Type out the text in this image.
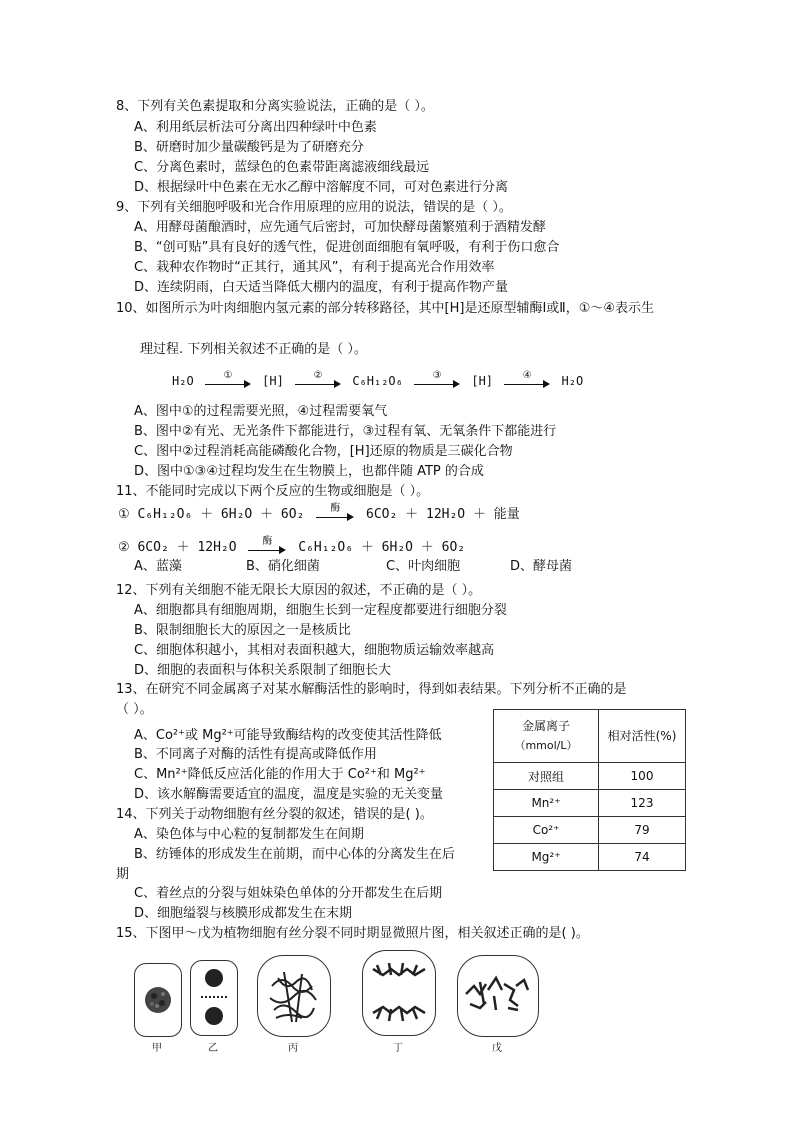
8、下列有关色素提取和分离实验说法，正确的是（ ）。
A、利用纸层析法可分离出四种绿叶中色素
B、研磨时加少量碳酸钙是为了研磨充分
C、分离色素时，蓝绿色的色素带距离滤液细线最远
D、根据绿叶中色素在无水乙醇中溶解度不同，可对色素进行分离
9、下列有关细胞呼吸和光合作用原理的应用的说法，错误的是（ ）。
A、用酵母菌酿酒时，应先通气后密封，可加快酵母菌繁殖利于酒精发酵
B、“创可贴”具有良好的透气性，促进创面细胞有氧呼吸，有利于伤口愈合
C、栽种农作物时“正其行，通其风”，有利于提高光合作用效率
D、连续阴雨，白天适当降低大棚内的温度，有利于提高作物产量
10、如图所示为叶肉细胞内氢元素的部分转移路径，其中[H]是还原型辅酶Ⅰ或Ⅱ，①～④表示生
理过程. 下列相关叙述不正确的是（ ）。
H₂O	①	[H]	②	C₆H₁₂O₆	③	[H]	④	H₂O
A、图中①的过程需要光照，④过程需要氧气
B、图中②有光、无光条件下都能进行，③过程有氧、无氧条件下都能进行
C、图中②过程消耗高能磷酸化合物，[H]还原的物质是三碳化合物
D、图中①③④过程均发生在生物膜上，也都伴随 ATP 的合成
11、不能同时完成以下两个反应的生物或细胞是（ ）。
① C₆H₁₂O₆ ＋ 6H₂O ＋ 6O₂	酶	6CO₂ ＋ 12H₂O ＋ 能量
② 6CO₂ ＋ 12H₂O	酶	C₆H₁₂O₆ ＋ 6H₂O ＋ 6O₂
A、蓝藻	B、硝化细菌	C、叶肉细胞	D、酵母菌
12、下列有关细胞不能无限长大原因的叙述，不正确的是（ ）。
A、细胞都具有细胞周期，细胞生长到一定程度都要进行细胞分裂
B、限制细胞长大的原因之一是核质比
C、细胞体积越小，其相对表面积越大，细胞物质运输效率越高
D、细胞的表面积与体积关系限制了细胞长大
13、在研究不同金属离子对某水解酶活性的影响时，得到如表结果。下列分析不正确的是
（ ）。
A、Co²⁺或 Mg²⁺可能导致酶结构的改变使其活性降低
B、不同离子对酶的活性有提高或降低作用
C、Mn²⁺降低反应活化能的作用大于 Co²⁺和 Mg²⁺
D、该水解酶需要适宜的温度，温度是实验的无关变量
金属离子
（mmol/L）	相对活性(%)
对照组	100
Mn²⁺	123
Co²⁺	79
Mg²⁺	74
14、下列关于动物细胞有丝分裂的叙述，错误的是( )。
A、染色体与中心粒的复制都发生在间期
B、纺锤体的形成发生在前期，而中心体的分离发生在后
期
C、着丝点的分裂与姐妹染色单体的分开都发生在后期
D、细胞缢裂与核膜形成都发生在末期
15、下图甲～戊为植物细胞有丝分裂不同时期显微照片图，相关叙述正确的是( )。
甲	乙	丙	丁	戊
